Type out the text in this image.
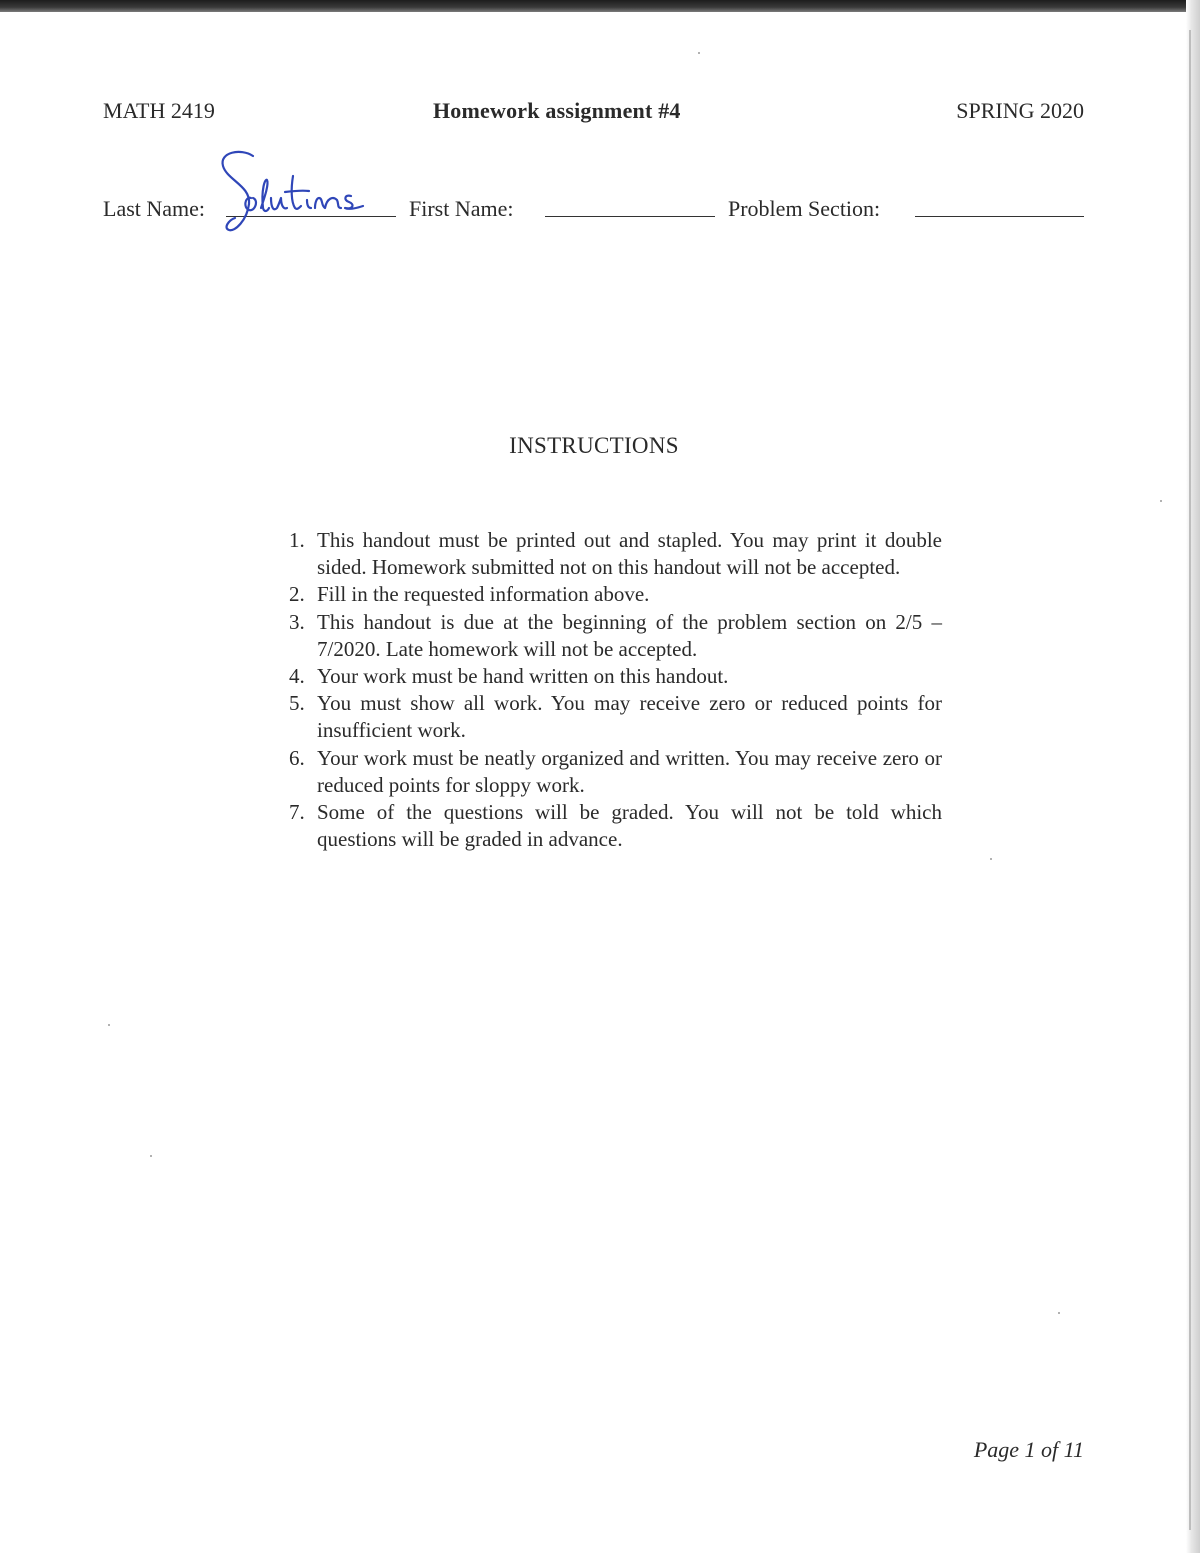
MATH 2419	Homework assignment #4	SPRING 2020
Last Name:	First Name:	Problem Section:
Solutions
INSTRUCTIONS
1. This handout must be printed out and stapled. You may print it double sided. Homework submitted not on this handout will not be accepted.
2. Fill in the requested information above.
3. This handout is due at the beginning of the problem section on 2/5 – 7/2020. Late homework will not be accepted.
4. Your work must be hand written on this handout.
5. You must show all work. You may receive zero or reduced points for insufficient work.
6. Your work must be neatly organized and written. You may receive zero or reduced points for sloppy work.
7. Some of the questions will be graded. You will not be told which questions will be graded in advance.
Page 1 of 11
